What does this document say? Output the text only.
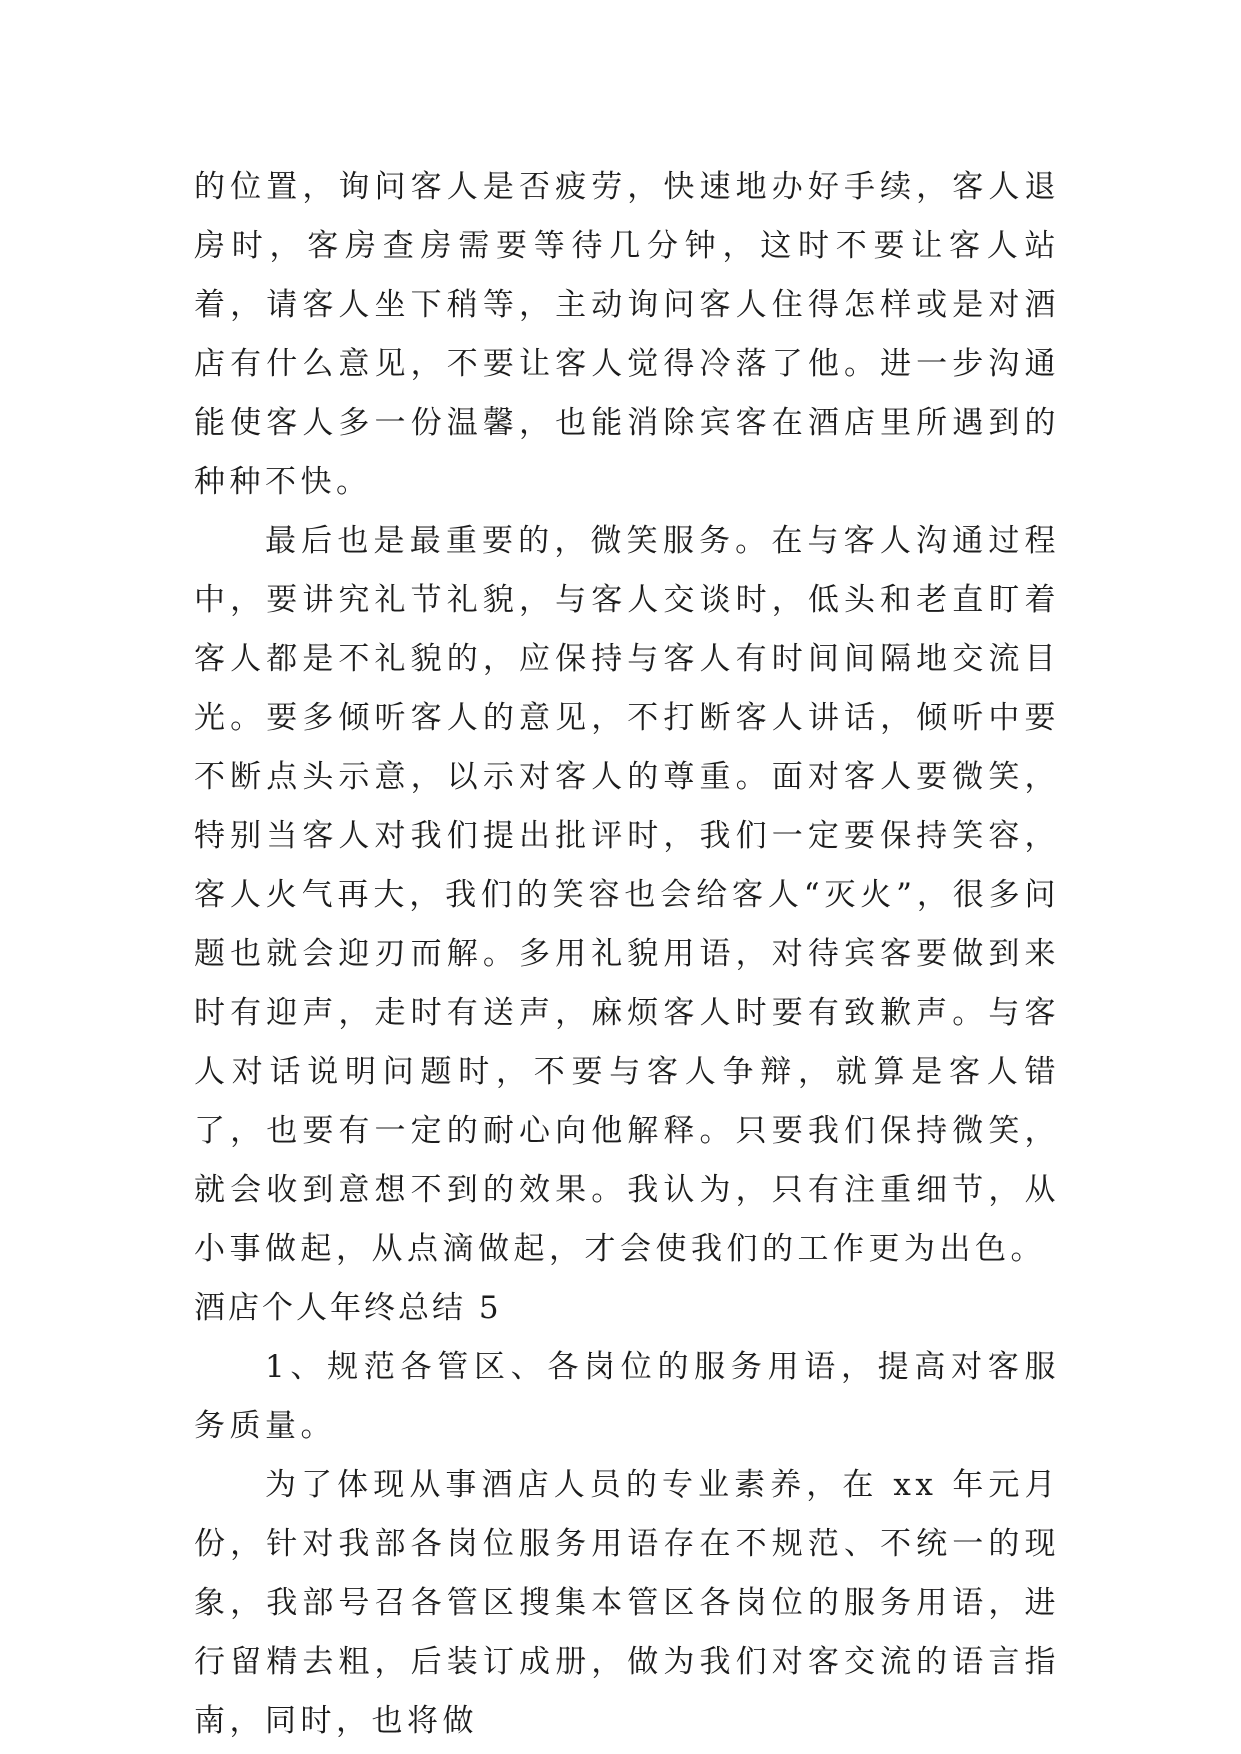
的位置，询问客人是否疲劳，快速地办好手续，客人退房时，客房查房需要等待几分钟，这时不要让客人站着，请客人坐下稍等，主动询问客人住得怎样或是对酒店有什么意见，不要让客人觉得冷落了他。进一步沟通能使客人多一份温馨，也能消除宾客在酒店里所遇到的种种不快。

最后也是最重要的，微笑服务。在与客人沟通过程中，要讲究礼节礼貌，与客人交谈时，低头和老直盯着客人都是不礼貌的，应保持与客人有时间间隔地交流目光。要多倾听客人的意见，不打断客人讲话，倾听中要不断点头示意，以示对客人的尊重。面对客人要微笑，特别当客人对我们提出批评时，我们一定要保持笑容，客人火气再大，我们的笑容也会给客人“灭火”，很多问题也就会迎刃而解。多用礼貌用语，对待宾客要做到来时有迎声，走时有送声，麻烦客人时要有致歉声。与客人对话说明问题时，不要与客人争辩，就算是客人错了，也要有一定的耐心向他解释。只要我们保持微笑，就会收到意想不到的效果。我认为，只有注重细节，从小事做起，从点滴做起，才会使我们的工作更为出色。

酒店个人年终总结 5

1、规范各管区、各岗位的服务用语，提高对客服务质量。

为了体现从事酒店人员的专业素养，在 xx 年元月份，针对我部各岗位服务用语存在不规范、不统一的现象，我部号召各管区搜集本管区各岗位的服务用语，进行留精去粗，后装订成册，做为我们对客交流的语言指南，同时，也将做
